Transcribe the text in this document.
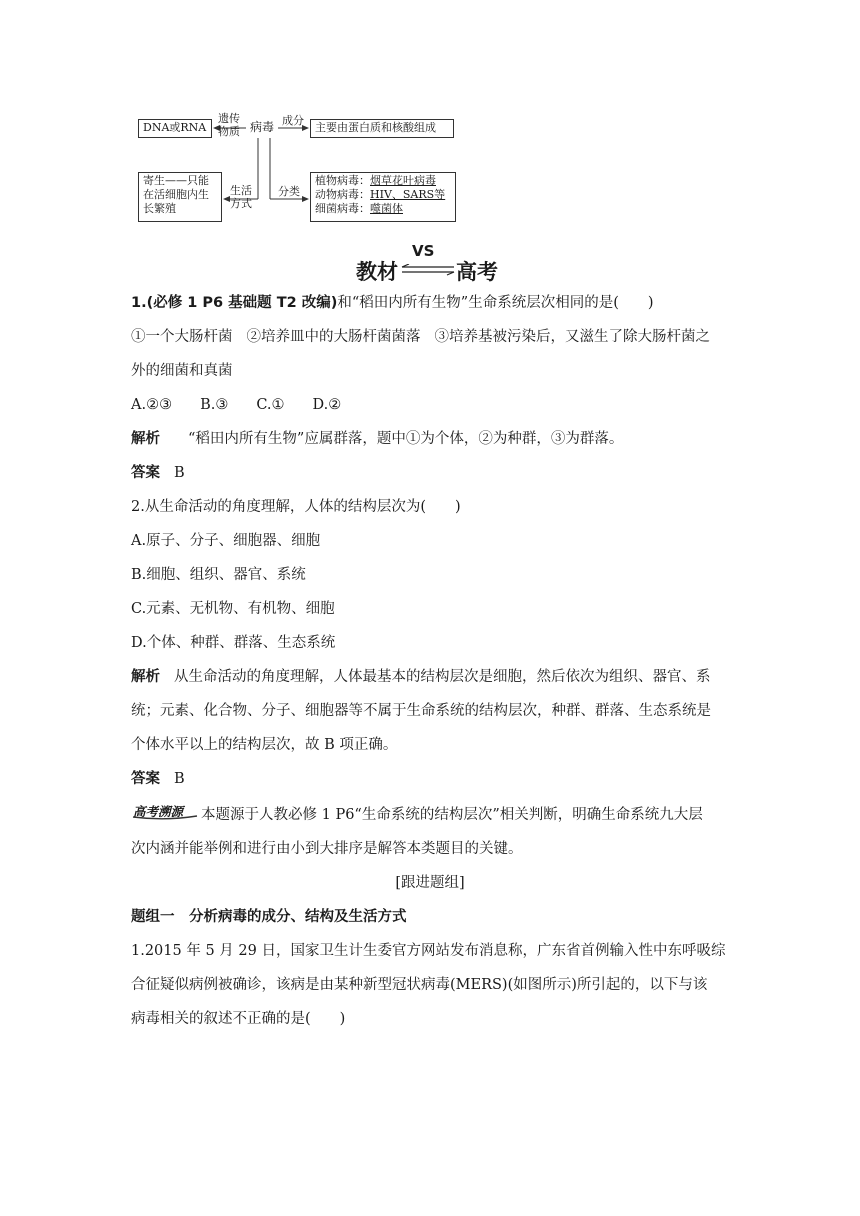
DNA或RNA
遗传
物质 病毒 成分
主要由蛋白质和核酸组成
寄生——只能
在活细胞内生
长繁殖
生活
方式
分类
植物病毒：烟草花叶病毒
动物病毒：HIV、SARS等
细菌病毒：噬菌体
教材
VS
高考
1.(必修 1 P6 基础题 T2 改编)和“稻田内所有生物”生命系统层次相同的是(　　)
①一个大肠杆菌 ②培养皿中的大肠杆菌菌落 ③培养基被污染后，又滋生了除大肠杆菌之
外的细菌和真菌
A.②③ B.③ C.① D.②
解析 “稻田内所有生物”应属群落，题中①为个体，②为种群，③为群落。
答案 B
2.从生命活动的角度理解，人体的结构层次为(　　)
A.原子、分子、细胞器、细胞
B.细胞、组织、器官、系统
C.元素、无机物、有机物、细胞
D.个体、种群、群落、生态系统
解析 从生命活动的角度理解，人体最基本的结构层次是细胞，然后依次为组织、器官、系
统；元素、化合物、分子、细胞器等不属于生命系统的结构层次，种群、群落、生态系统是
个体水平以上的结构层次，故 B 项正确。
答案 B
高考溯源 本题源于人教必修 1 P6“生命系统的结构层次”相关判断，明确生命系统九大层
次内涵并能举例和进行由小到大排序是解答本类题目的关键。
[跟进题组]
题组一　分析病毒的成分、结构及生活方式
1.2015 年 5 月 29 日，国家卫生计生委官方网站发布消息称，广东省首例输入性中东呼吸综
合征疑似病例被确诊，该病是由某种新型冠状病毒(MERS)(如图所示)所引起的，以下与该
病毒相关的叙述不正确的是(　　)
